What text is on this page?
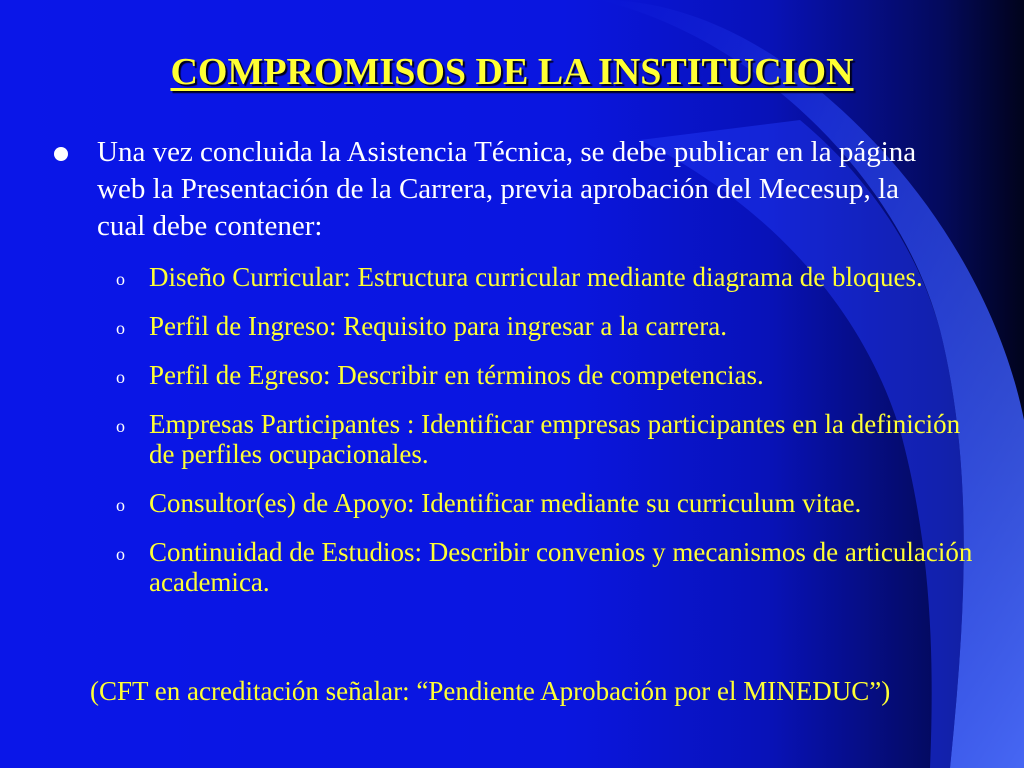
COMPROMISOS DE LA INSTITUCION
Una vez concluida la Asistencia Técnica, se debe publicar en la página web la Presentación de la Carrera, previa aprobación del Mecesup, la cual debe contener:
o Diseño Curricular: Estructura curricular mediante diagrama de bloques.
o Perfil de Ingreso: Requisito para ingresar a la carrera.
o Perfil de Egreso: Describir en términos de competencias.
o Empresas Participantes : Identificar empresas participantes en la definición de perfiles ocupacionales.
o Consultor(es) de Apoyo: Identificar mediante su curriculum vitae.
o Continuidad de Estudios: Describir convenios y mecanismos de articulación academica.
(CFT en acreditación señalar: “Pendiente Aprobación por el MINEDUC”)
